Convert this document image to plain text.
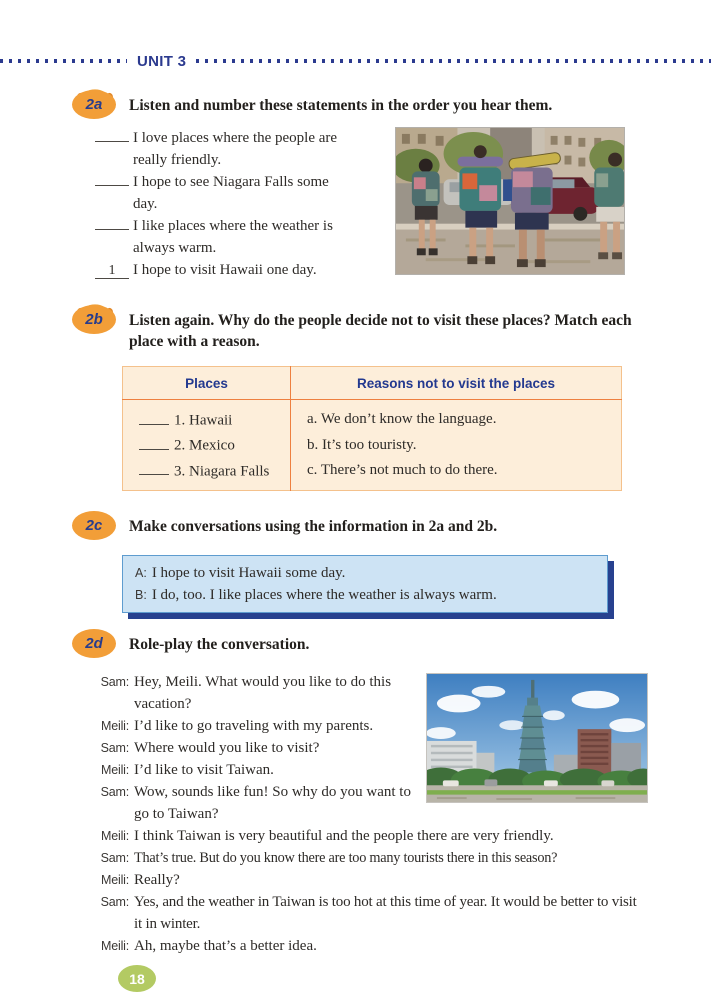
UNIT 3
2a	Listen and number these statements in the order you hear them.
I love places where the people are really friendly.
I hope to see Niagara Falls some day.
I like places where the weather is always warm.
1 I hope to visit Hawaii one day.
2b	Listen again. Why do the people decide not to visit these places? Match each place with a reason.
Places	Reasons not to visit the places
1. Hawaii	a. We don’t know the language.
2. Mexico	b. It’s too touristy.
3. Niagara Falls	c. There’s not much to do there.
2c	Make conversations using the information in 2a and 2b.
A: I hope to visit Hawaii some day.
B: I do, too. I like places where the weather is always warm.
2d	Role-play the conversation.
Sam: Hey, Meili. What would you like to do this vacation?
Meili: I’d like to go traveling with my parents.
Sam: Where would you like to visit?
Meili: I’d like to visit Taiwan.
Sam: Wow, sounds like fun! So why do you want to go to Taiwan?
Meili: I think Taiwan is very beautiful and the people there are very friendly.
Sam: That’s true. But do you know there are too many tourists there in this season?
Meili: Really?
Sam: Yes, and the weather in Taiwan is too hot at this time of year. It would be better to visit it in winter.
Meili: Ah, maybe that’s a better idea.
18
